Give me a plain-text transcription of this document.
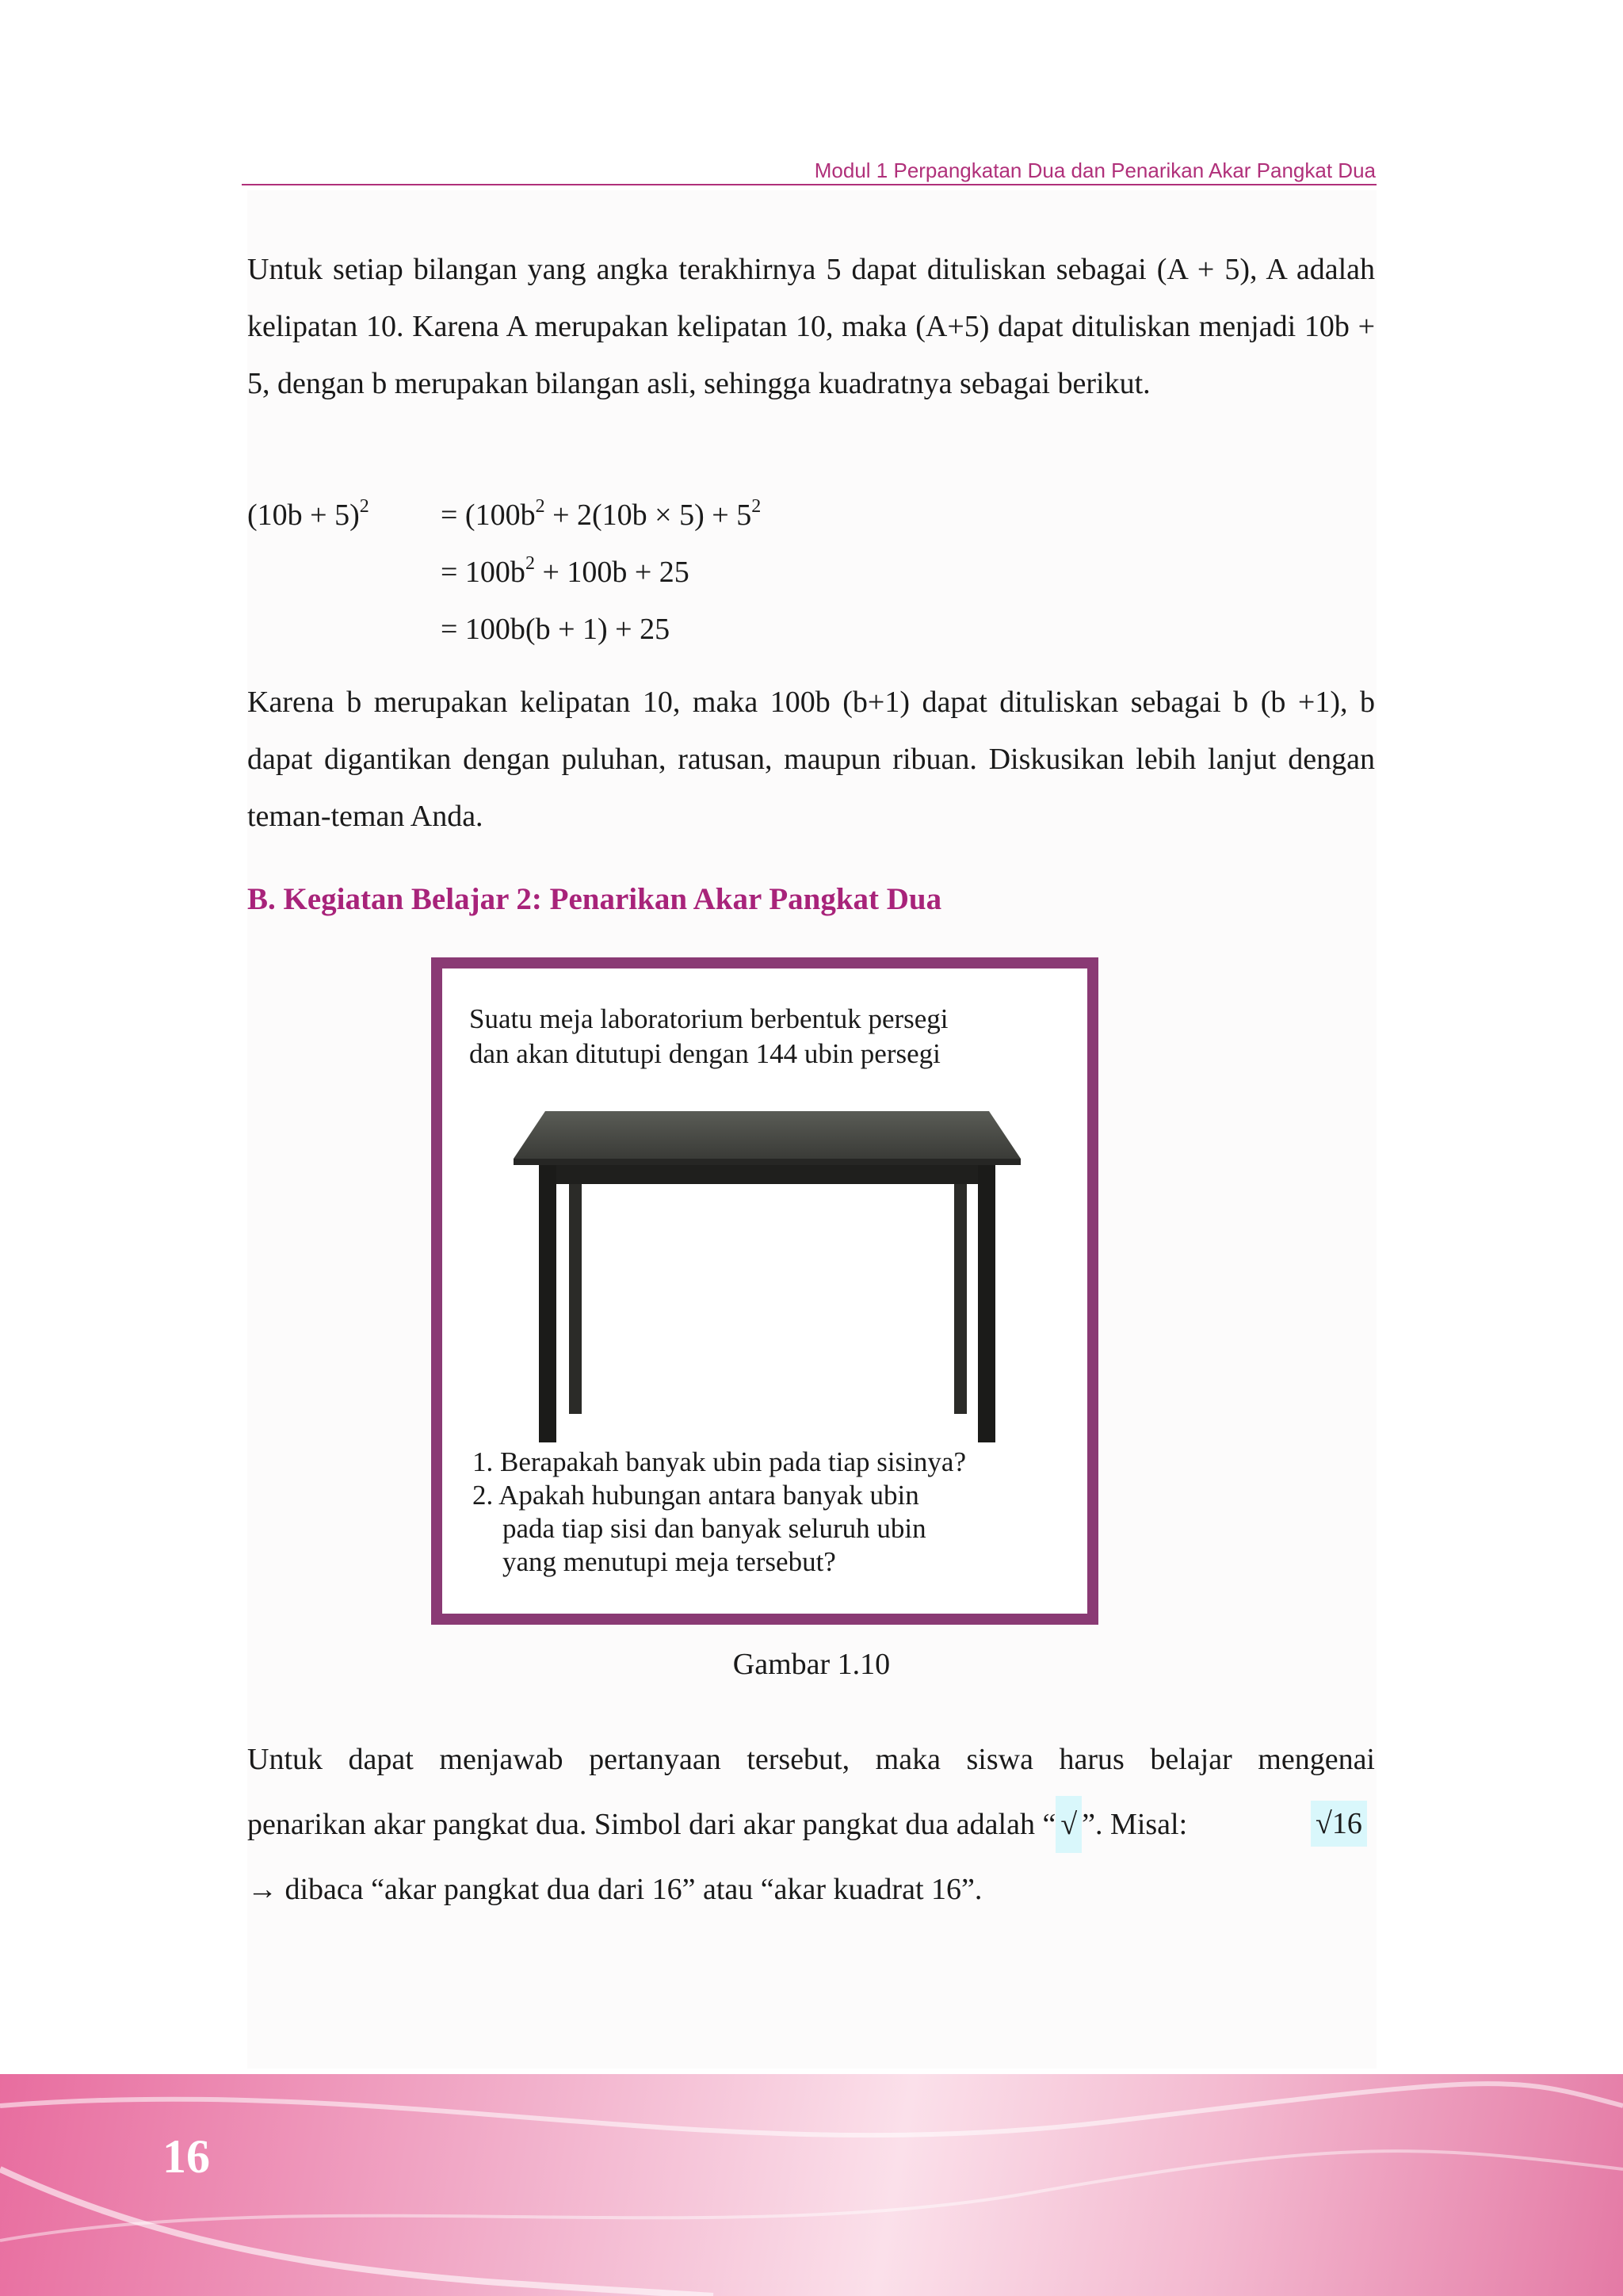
Modul 1 Perpangkatan Dua dan Penarikan Akar Pangkat Dua

Untuk setiap bilangan yang angka terakhirnya 5 dapat dituliskan sebagai (A + 5), A adalah kelipatan 10. Karena A merupakan kelipatan 10, maka (A+5) dapat dituliskan menjadi 10b + 5, dengan b merupakan bilangan asli, sehingga kuadratnya sebagai berikut.

$(10b + 5)^2 = (100b^2 + 2(10b \times 5) + 5^2$
= $100b^2 + 100b + 25$
= 100b(b + 1) + 25

Karena b merupakan kelipatan 10, maka 100b (b+1) dapat dituliskan sebagai b (b +1), b dapat digantikan dengan puluhan, ratusan, maupun ribuan. Diskusikan lebih lanjut dengan teman-teman Anda.

B. Kegiatan Belajar 2: Penarikan Akar Pangkat Dua
Suatu meja laboratorium berbentuk persegi
dan akan ditutupi dengan 144 ubin persegi
1. Berapakah banyak ubin pada tiap sisinya?
2. Apakah hubungan antara banyak ubin
pada tiap sisi dan banyak seluruh ubin
yang menutupi meja tersebut?
Gambar 1.10

Untuk dapat menjawab pertanyaan tersebut, maka siswa harus belajar mengenai

penarikan akar pangkat dua. Simbol dari akar pangkat dua adalah “ √ ”. Misal:	√16

→ dibaca “akar pangkat dua dari 16” atau “akar kuadrat 16”.

16
